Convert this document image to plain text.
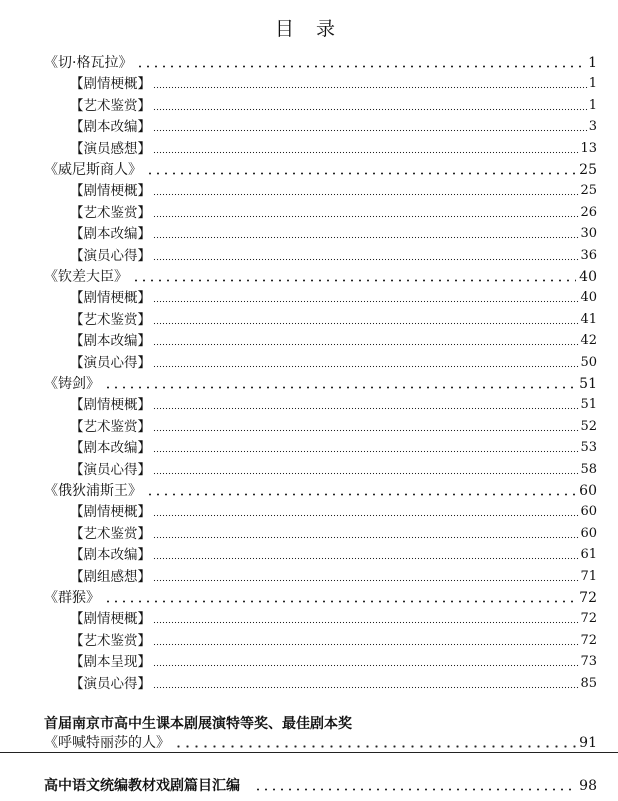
目 录
《切·格瓦拉》	1
【剧情梗概】	1
【艺术鉴赏】	1
【剧本改编】	3
【演员感想】	13
《威尼斯商人》	25
【剧情梗概】	25
【艺术鉴赏】	26
【剧本改编】	30
【演员心得】	36
《钦差大臣》	40
【剧情梗概】	40
【艺术鉴赏】	41
【剧本改编】	42
【演员心得】	50
《铸剑》	51
【剧情梗概】	51
【艺术鉴赏】	52
【剧本改编】	53
【演员心得】	58
《俄狄浦斯王》	60
【剧情梗概】	60
【艺术鉴赏】	60
【剧本改编】	61
【剧组感想】	71
《群猴》	72
【剧情梗概】	72
【艺术鉴赏】	72
【剧本呈现】	73
【演员心得】	85
首届南京市高中生课本剧展演特等奖、最佳剧本奖
《呼喊特丽莎的人》	91
高中语文统编教材戏剧篇目汇编	98
